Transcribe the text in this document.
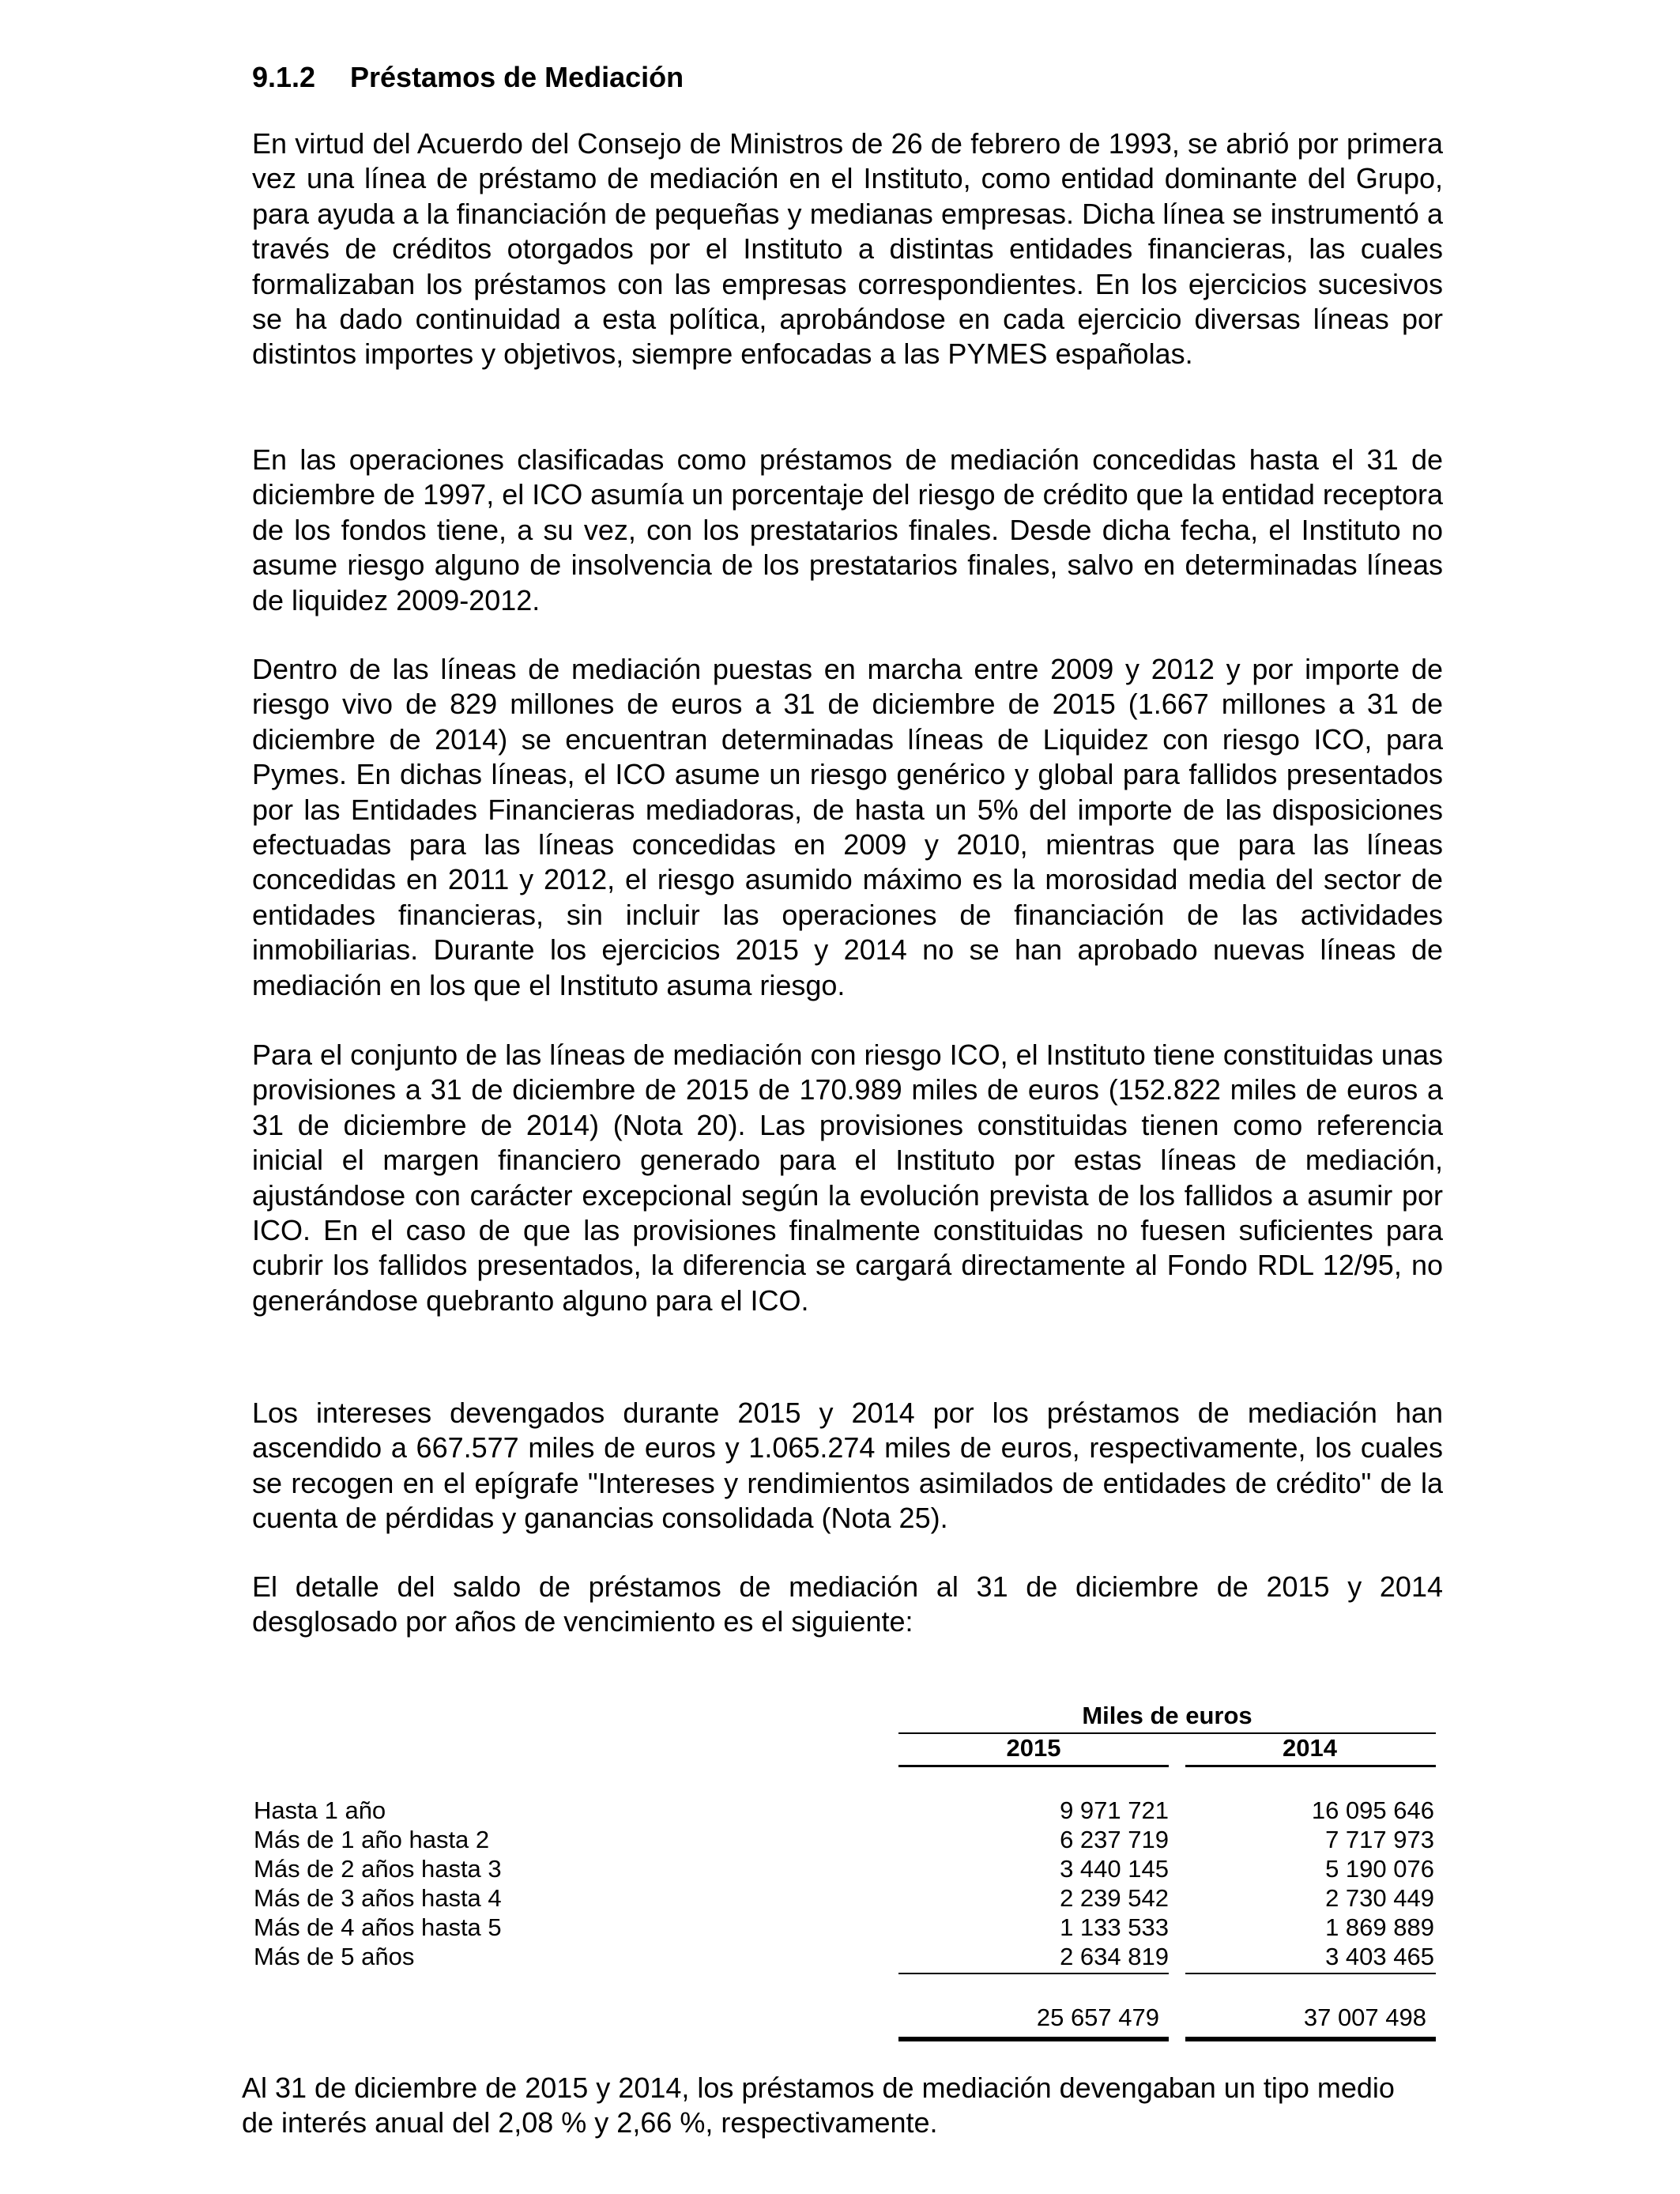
9.1.2 Préstamos de Mediación

En virtud del Acuerdo del Consejo de Ministros de 26 de febrero de 1993, se abrió por primera vez una línea de préstamo de mediación en el Instituto, como entidad dominante del Grupo, para ayuda a la financiación de pequeñas y medianas empresas. Dicha línea se instrumentó a través de créditos otorgados por el Instituto a distintas entidades financieras, las cuales formalizaban los préstamos con las empresas correspondientes. En los ejercicios sucesivos se ha dado continuidad a esta política, aprobándose en cada ejercicio diversas líneas por distintos importes y objetivos, siempre enfocadas a las PYMES españolas.

En las operaciones clasificadas como préstamos de mediación concedidas hasta el 31 de diciembre de 1997, el ICO asumía un porcentaje del riesgo de crédito que la entidad receptora de los fondos tiene, a su vez, con los prestatarios finales. Desde dicha fecha, el Instituto no asume riesgo alguno de insolvencia de los prestatarios finales, salvo en determinadas líneas de liquidez 2009-2012.

Dentro de las líneas de mediación puestas en marcha entre 2009 y 2012 y por importe de riesgo vivo de 829 millones de euros a 31 de diciembre de 2015 (1.667 millones a 31 de diciembre de 2014) se encuentran determinadas líneas de Liquidez con riesgo ICO, para Pymes. En dichas líneas, el ICO asume un riesgo genérico y global para fallidos presentados por las Entidades Financieras mediadoras, de hasta un 5% del importe de las disposiciones efectuadas para las líneas concedidas en 2009 y 2010, mientras que para las líneas concedidas en 2011 y 2012, el riesgo asumido máximo es la morosidad media del sector de entidades financieras, sin incluir las operaciones de financiación de las actividades inmobiliarias. Durante los ejercicios 2015 y 2014 no se han aprobado nuevas líneas de mediación en los que el Instituto asuma riesgo.

Para el conjunto de las líneas de mediación con riesgo ICO, el Instituto tiene constituidas unas provisiones a 31 de diciembre de 2015 de 170.989 miles de euros (152.822 miles de euros a 31 de diciembre de 2014) (Nota 20). Las provisiones constituidas tienen como referencia inicial el margen financiero generado para el Instituto por estas líneas de mediación, ajustándose con carácter excepcional según la evolución prevista de los fallidos a asumir por ICO. En el caso de que las provisiones finalmente constituidas no fuesen suficientes para cubrir los fallidos presentados, la diferencia se cargará directamente al Fondo RDL 12/95, no generándose quebranto alguno para el ICO.

Los intereses devengados durante 2015 y 2014 por los préstamos de mediación han ascendido a 667.577 miles de euros y 1.065.274 miles de euros, respectivamente, los cuales se recogen en el epígrafe "Intereses y rendimientos asimilados de entidades de crédito" de la cuenta de pérdidas y ganancias consolidada (Nota 25).

El detalle del saldo de préstamos de mediación al 31 de diciembre de 2015 y 2014 desglosado por años de vencimiento es el siguiente:

Miles de euros
2015	2014
Hasta 1 año	9 971 721	16 095 646
Más de 1 año hasta 2	6 237 719	7 717 973
Más de 2 años hasta 3	3 440 145	5 190 076
Más de 3 años hasta 4	2 239 542	2 730 449
Más de 4 años hasta 5	1 133 533	1 869 889
Más de 5 años	2 634 819	3 403 465
25 657 479	37 007 498

Al 31 de diciembre de 2015 y 2014, los préstamos de mediación devengaban un tipo medio de interés anual del 2,08 % y 2,66 %, respectivamente.
